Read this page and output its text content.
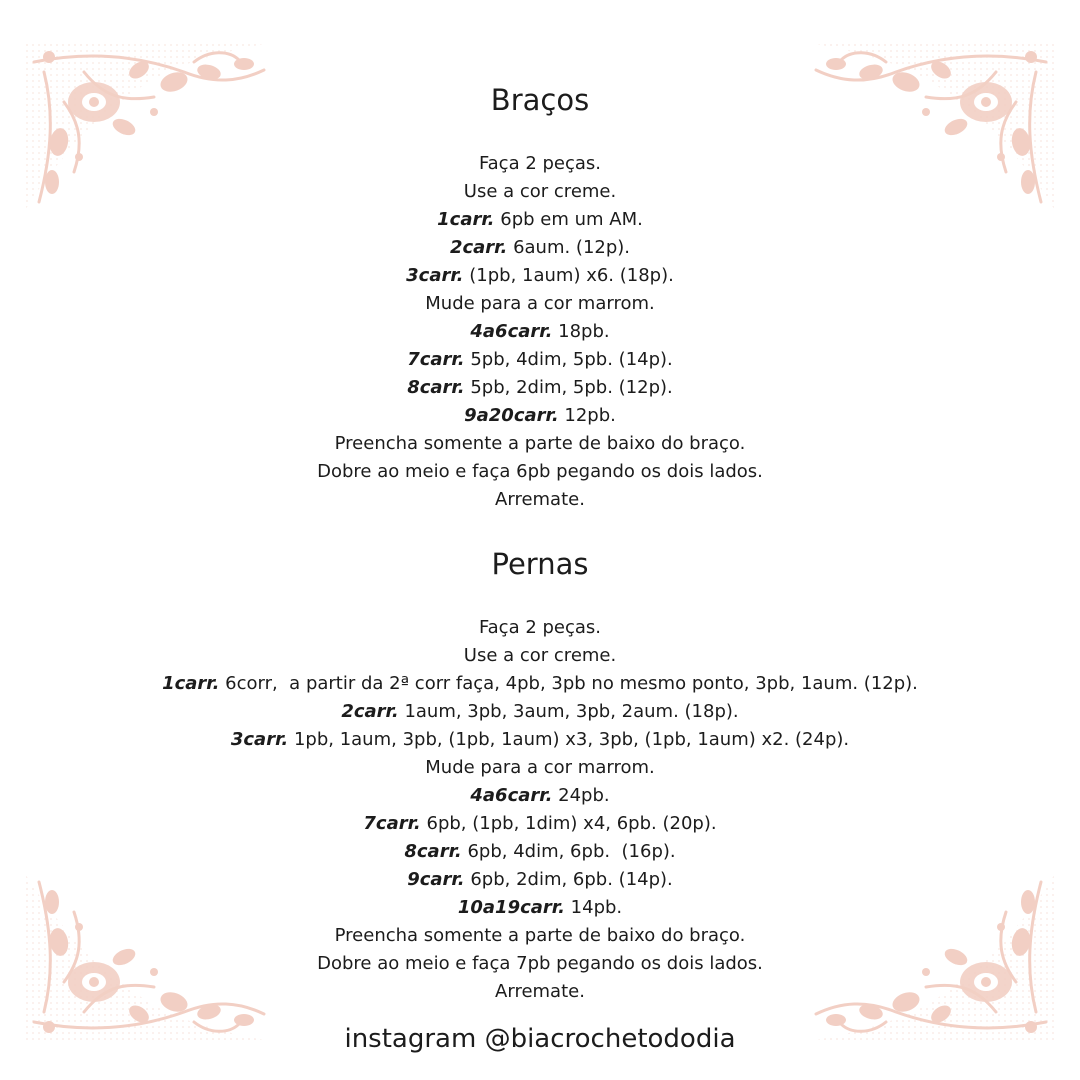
Braços
Faça 2 peças.
Use a cor creme.
1carr. 6pb em um AM.
2carr. 6aum. (12p).
3carr. (1pb, 1aum) x6. (18p).
Mude para a cor marrom.
4a6carr. 18pb.
7carr. 5pb, 4dim, 5pb. (14p).
8carr. 5pb, 2dim, 5pb. (12p).
9a20carr. 12pb.
Preencha somente a parte de baixo do braço.
Dobre ao meio e faça 6pb pegando os dois lados.
Arremate.
Pernas
Faça 2 peças.
Use a cor creme.
1carr. 6corr,  a partir da 2ª corr faça, 4pb, 3pb no mesmo ponto, 3pb, 1aum. (12p).
2carr. 1aum, 3pb, 3aum, 3pb, 2aum. (18p).
3carr. 1pb, 1aum, 3pb, (1pb, 1aum) x3, 3pb, (1pb, 1aum) x2. (24p).
Mude para a cor marrom.
4a6carr. 24pb.
7carr. 6pb, (1pb, 1dim) x4, 6pb. (20p).
8carr. 6pb, 4dim, 6pb.  (16p).
9carr. 6pb, 2dim, 6pb. (14p).
10a19carr. 14pb.
Preencha somente a parte de baixo do braço.
Dobre ao meio e faça 7pb pegando os dois lados.
Arremate.
instagram @biacrochetododia
